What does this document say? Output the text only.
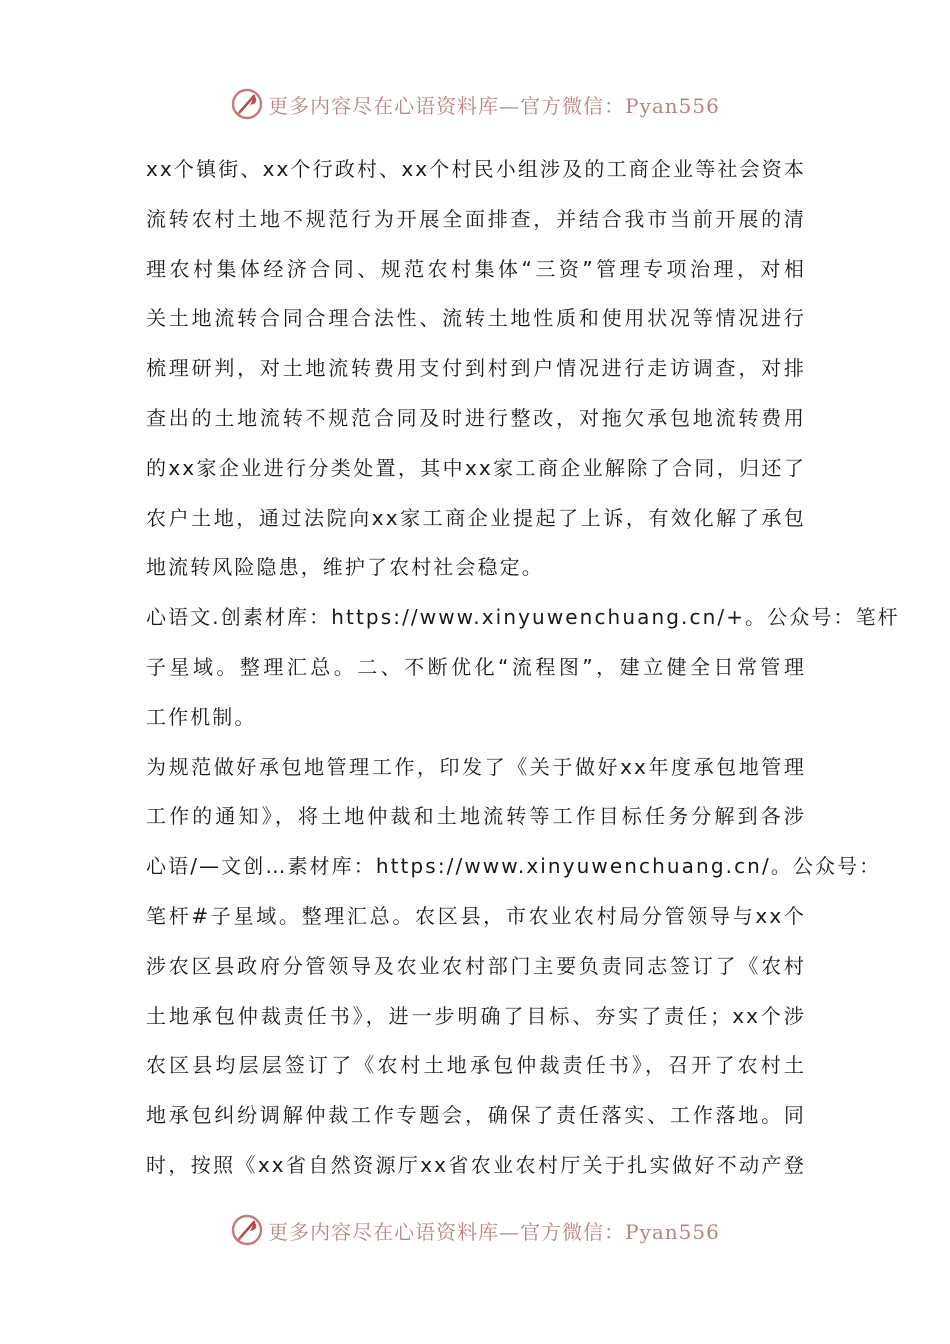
更多内容尽在心语资料库—官方微信：Pyan556
xx个镇街、xx个行政村、xx个村民小组涉及的工商企业等社会资本
流转农村土地不规范行为开展全面排查，并结合我市当前开展的清
理农村集体经济合同、规范农村集体“三资”管理专项治理，对相
关土地流转合同合理合法性、流转土地性质和使用状况等情况进行
梳理研判，对土地流转费用支付到村到户情况进行走访调查，对排
查出的土地流转不规范合同及时进行整改，对拖欠承包地流转费用
的xx家企业进行分类处置，其中xx家工商企业解除了合同，归还了
农户土地，通过法院向xx家工商企业提起了上诉，有效化解了承包
地流转风险隐患，维护了农村社会稳定。
心语文.创素材库：https://www.xinyuwenchuang.cn/+。公众号：笔杆
子星域。整理汇总。二、不断优化“流程图”，建立健全日常管理
工作机制。
为规范做好承包地管理工作，印发了《关于做好xx年度承包地管理
工作的通知》，将土地仲裁和土地流转等工作目标任务分解到各涉
心语/—文创…素材库：https://www.xinyuwenchuang.cn/。公众号：
笔杆#子星域。整理汇总。农区县，市农业农村局分管领导与xx个
涉农区县政府分管领导及农业农村部门主要负责同志签订了《农村
土地承包仲裁责任书》，进一步明确了目标、夯实了责任；xx个涉
农区县均层层签订了《农村土地承包仲裁责任书》，召开了农村土
地承包纠纷调解仲裁工作专题会，确保了责任落实、工作落地。同
时，按照《xx省自然资源厅xx省农业农村厅关于扎实做好不动产登
更多内容尽在心语资料库—官方微信：Pyan556
